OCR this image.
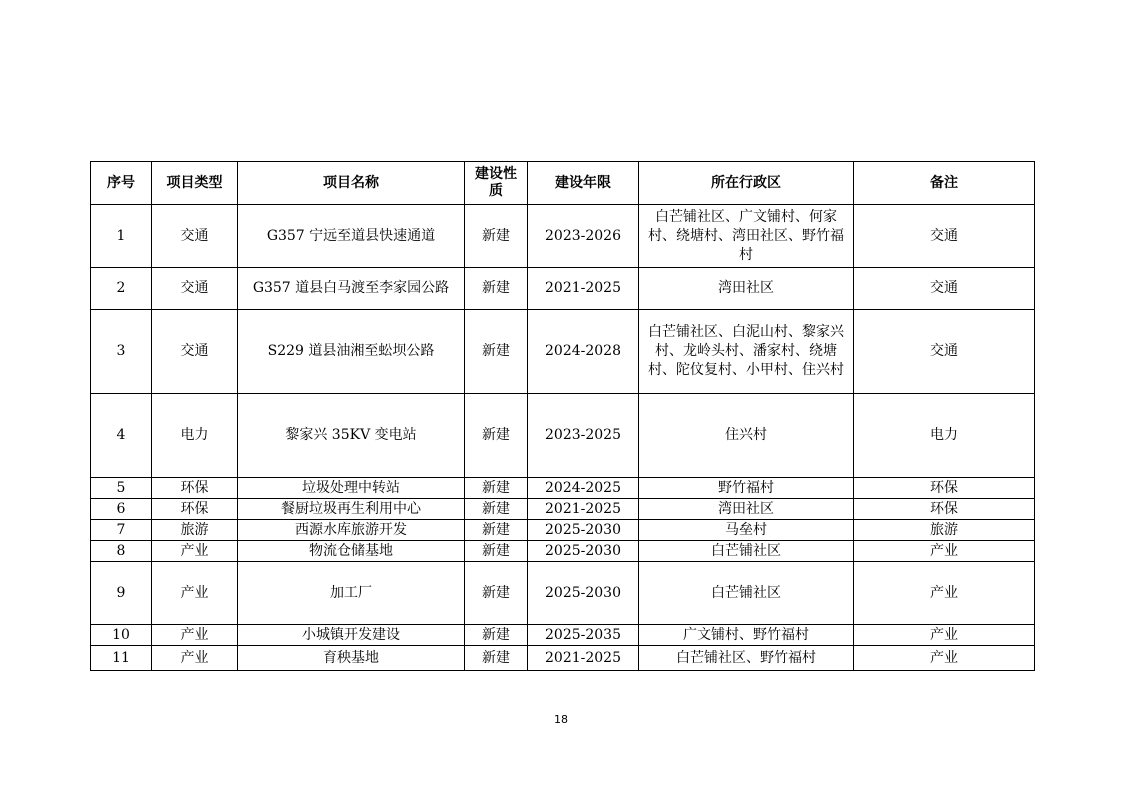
序号	项目类型	项目名称	建设性质	建设年限	所在行政区	备注
1	交通	G357 宁远至道县快速通道	新建	2023-2026	白芒铺社区、广文铺村、何家村、绕塘村、湾田社区、野竹福村	交通
2	交通	G357 道县白马渡至李家园公路	新建	2021-2025	湾田社区	交通
3	交通	S229 道县油湘至蚣坝公路	新建	2024-2028	白芒铺社区、白泥山村、黎家兴村、龙岭头村、潘家村、绕塘村、陀伩复村、小甲村、住兴村	交通
4	电力	黎家兴 35KV 变电站	新建	2023-2025	住兴村	电力
5	环保	垃圾处理中转站	新建	2024-2025	野竹福村	环保
6	环保	餐厨垃圾再生利用中心	新建	2021-2025	湾田社区	环保
7	旅游	西源水库旅游开发	新建	2025-2030	马垒村	旅游
8	产业	物流仓储基地	新建	2025-2030	白芒铺社区	产业
9	产业	加工厂	新建	2025-2030	白芒铺社区	产业
10	产业	小城镇开发建设	新建	2025-2035	广文铺村、野竹福村	产业
11	产业	育秧基地	新建	2021-2025	白芒铺社区、野竹福村	产业
18
